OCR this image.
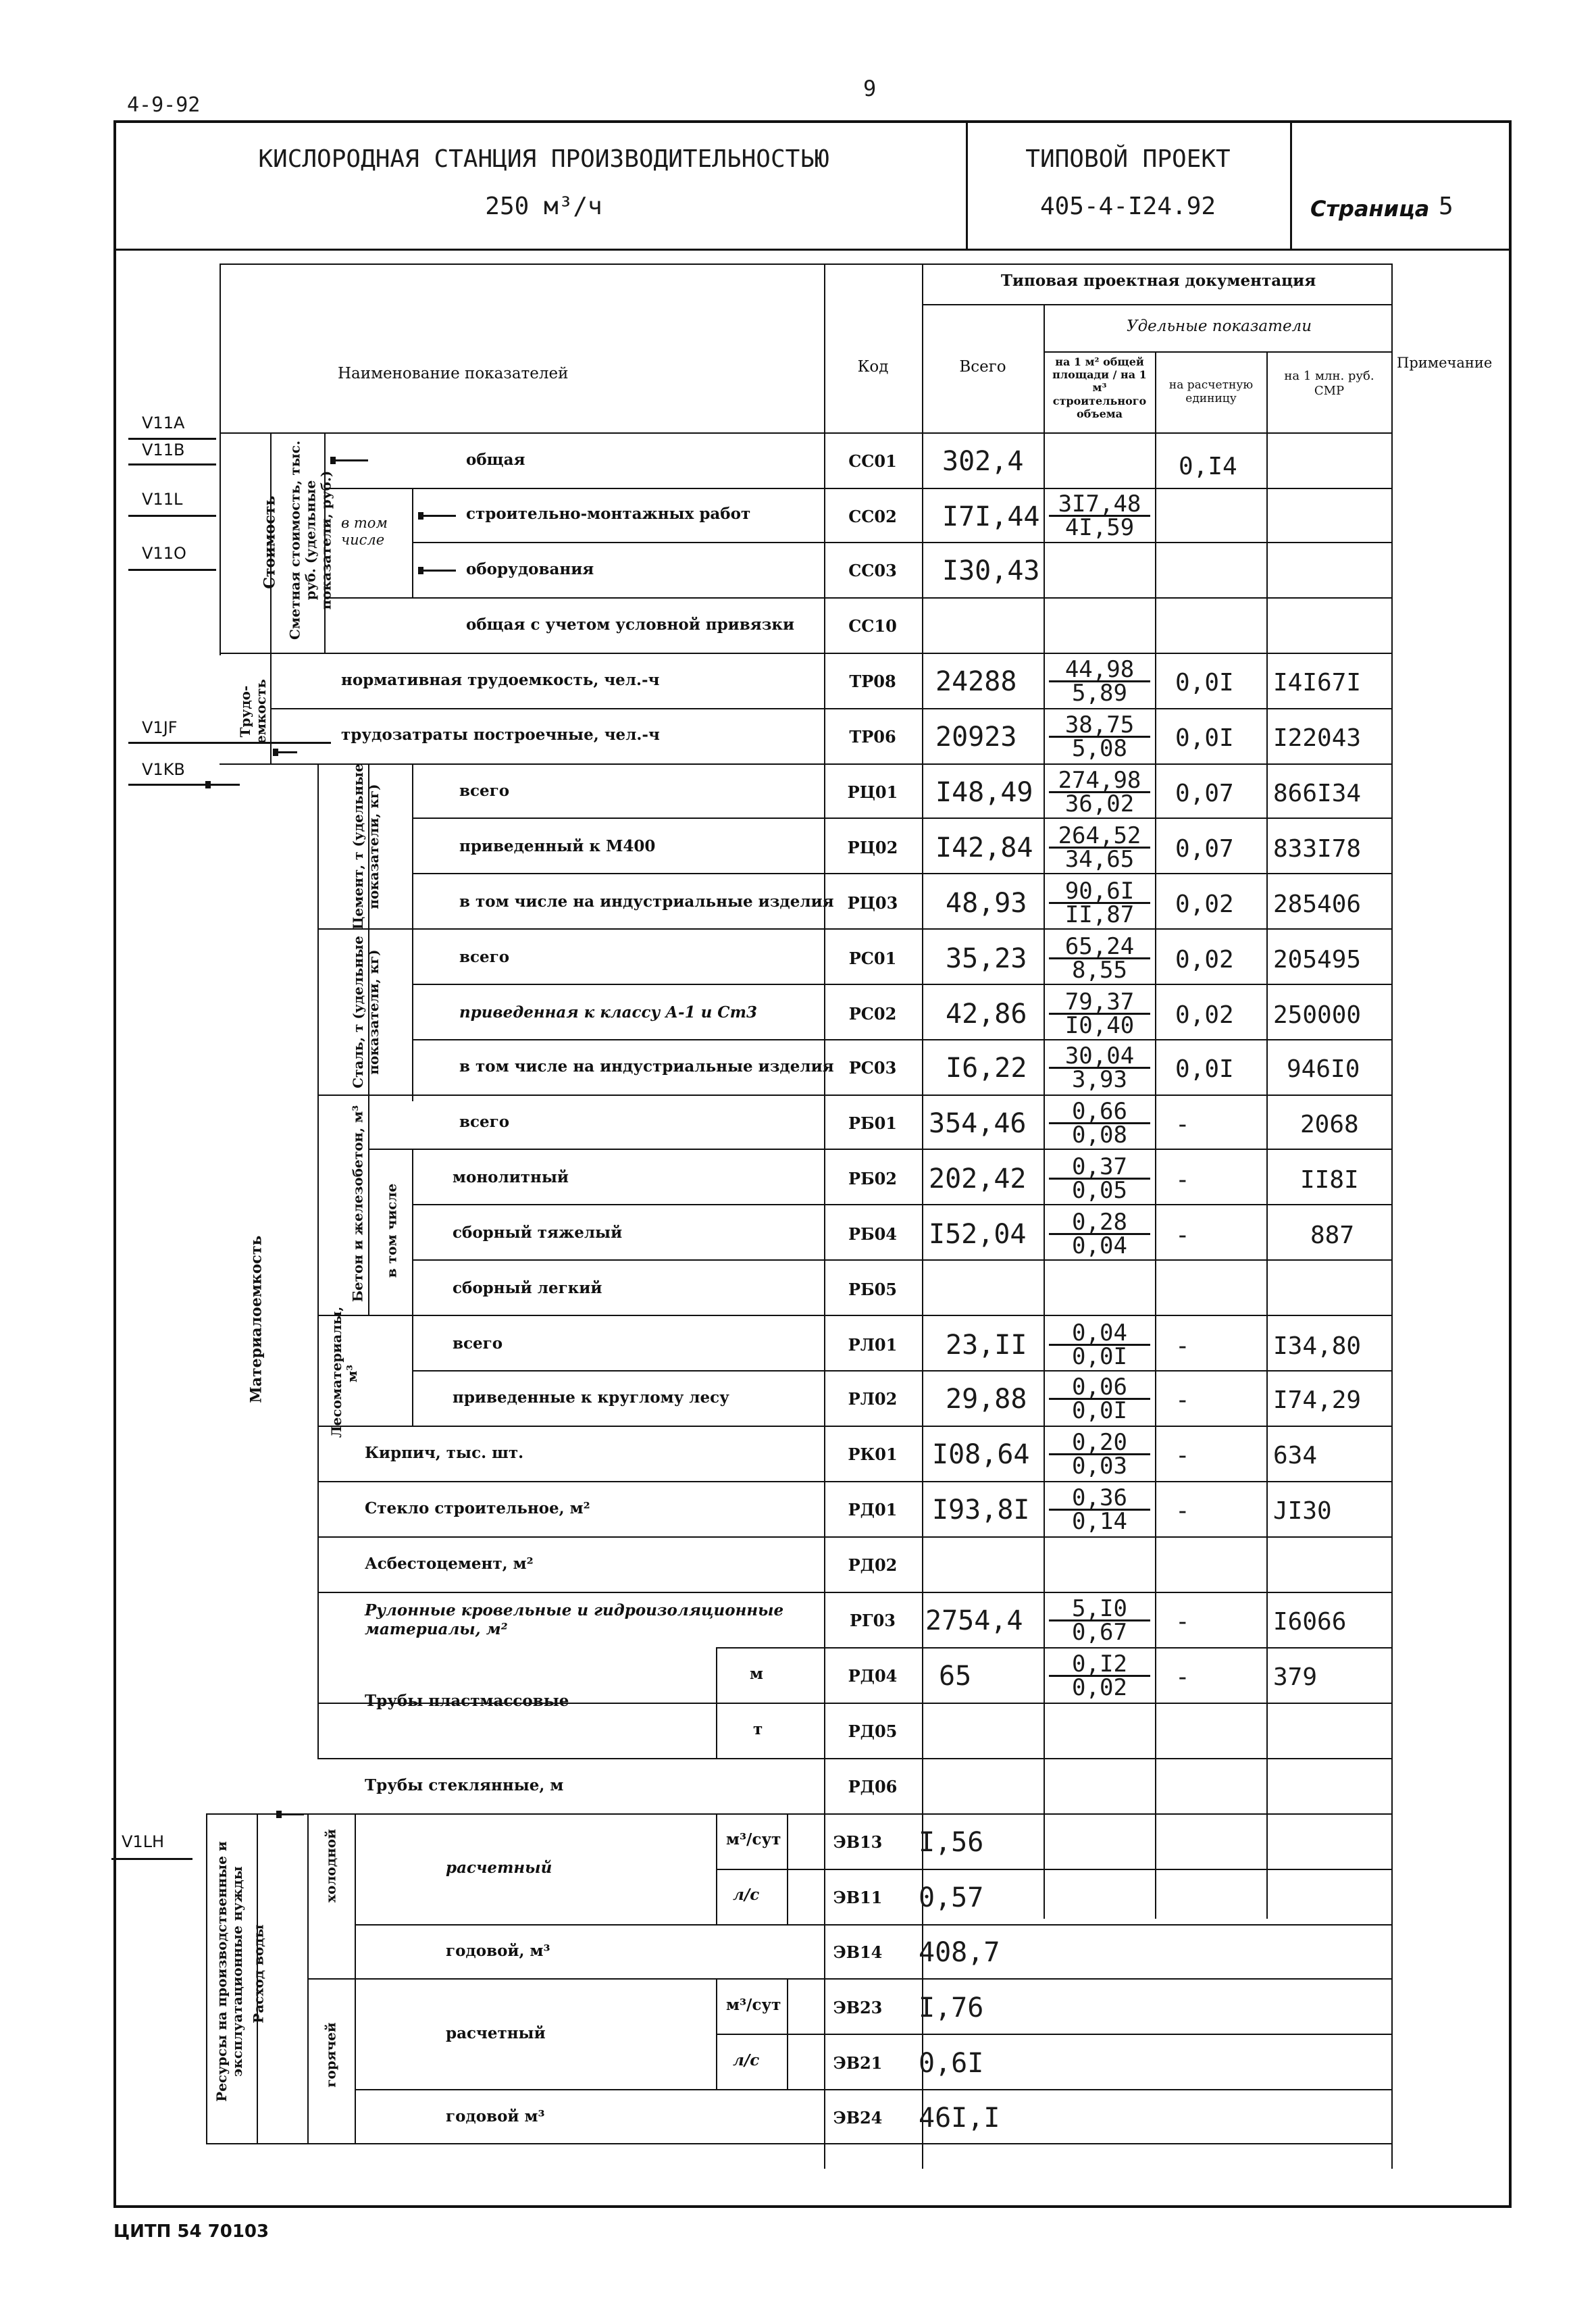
4-9-92
9
КИСЛОРОДНАЯ СТАНЦИЯ ПРОИЗВОДИТЕЛЬНОСТЬЮ
250 м³/ч
ТИПОВОЙ ПРОЕКТ
405-4-I24.92	Страница 5
Наименование показателей	Код
Типовая проектная документация
Всего
Удельные показатели
на 1 м² общей площади / на 1 м³ строительного объема
на расчетную единицу
на 1 млн. руб. СМР
Примечание
V11A
V11B
V11L
V11O
V1JF
V1KB
V1LH
Стоимость Сметная стоимость, тыс. руб. (удельные показатели, руб.) в том числе
Трудо-емкость
Материалоемкость
Цемент, т (удельные показатели, кг)
Сталь, т (удельные показатели, кг)
Бетон и железобетон, м³ в том числе
Лесоматериалы, м³
Ресурсы на производственные и эксплуатационные нужды Расход воды
холодной
горячей
общая
строительно-монтажных работ
оборудования
общая с учетом условной привязки
нормативная трудоемкость, чел.-ч
трудозатраты построечные, чел.-ч
всего
приведенный к М400
в том числе на индустриальные изделия
всего
приведенная к классу А-1 и Ст3
в том числе на индустриальные изделия
всего
монолитный
сборный тяжелый
сборный легкий
всего
приведенные к круглому лесу
Кирпич, тыс. шт.
Стекло строительное, м²
Асбестоцемент, м²
Рулонные кровельные и гидроизоляционные материалы, м²
Трубы пластмассовые
м
т
Трубы стеклянные, м
расчетный
м³/сут
л/с
годовой, м³
расчетный
м³/сут
л/с
годовой м³
СС01
СС02
СС03
СС10
ТР08
ТР06
РЦ01
РЦ02
РЦ03
РС01
РС02
РС03
РБ01
РБ02
РБ04
РБ05
РЛ01
РЛ02
РК01
РД01
РД02
РГ03
РД04
РД05
РД06
ЭВ13
ЭВ11
ЭВ14
ЭВ23
ЭВ21
ЭВ24
302,4
I7I,44
I30,43
24288
20923
I48,49
I42,84
48,93
35,23
42,86
I6,22
354,46
202,42
I52,04
23,II
29,88
I08,64
I93,8I
2754,4
65
I,56
0,57
408,7
I,76
0,6I
46I,I
$\frac{3I7,48}{4I,59}$
$\frac{44,98}{5,89}$
$\frac{38,75}{5,08}$
$\frac{274,98}{36,02}$
$\frac{264,52}{34,65}$
$\frac{90,6I}{II,87}$
$\frac{65,24}{8,55}$
$\frac{79,37}{I0,40}$
$\frac{30,04}{3,93}$
$\frac{0,66}{0,08}$
$\frac{0,37}{0,05}$
$\frac{0,28}{0,04}$
$\frac{0,04}{0,0I}$
$\frac{0,06}{0,0I}$
$\frac{0,20}{0,03}$
$\frac{0,36}{0,14}$
$\frac{5,I0}{0,67}$
$\frac{0,I2}{0,02}$
0,I4
0,0I
0,0I
0,07
0,07
0,02
0,02
0,02
0,0I
-
-
-
-
-
-
-
-
-
I4I67I
I22043
866I34
833I78
285406
205495
250000
946I0
2068
II8I
887
I34,80
I74,29
634
JI30
I6066
379
ЦИТП 54 70103
